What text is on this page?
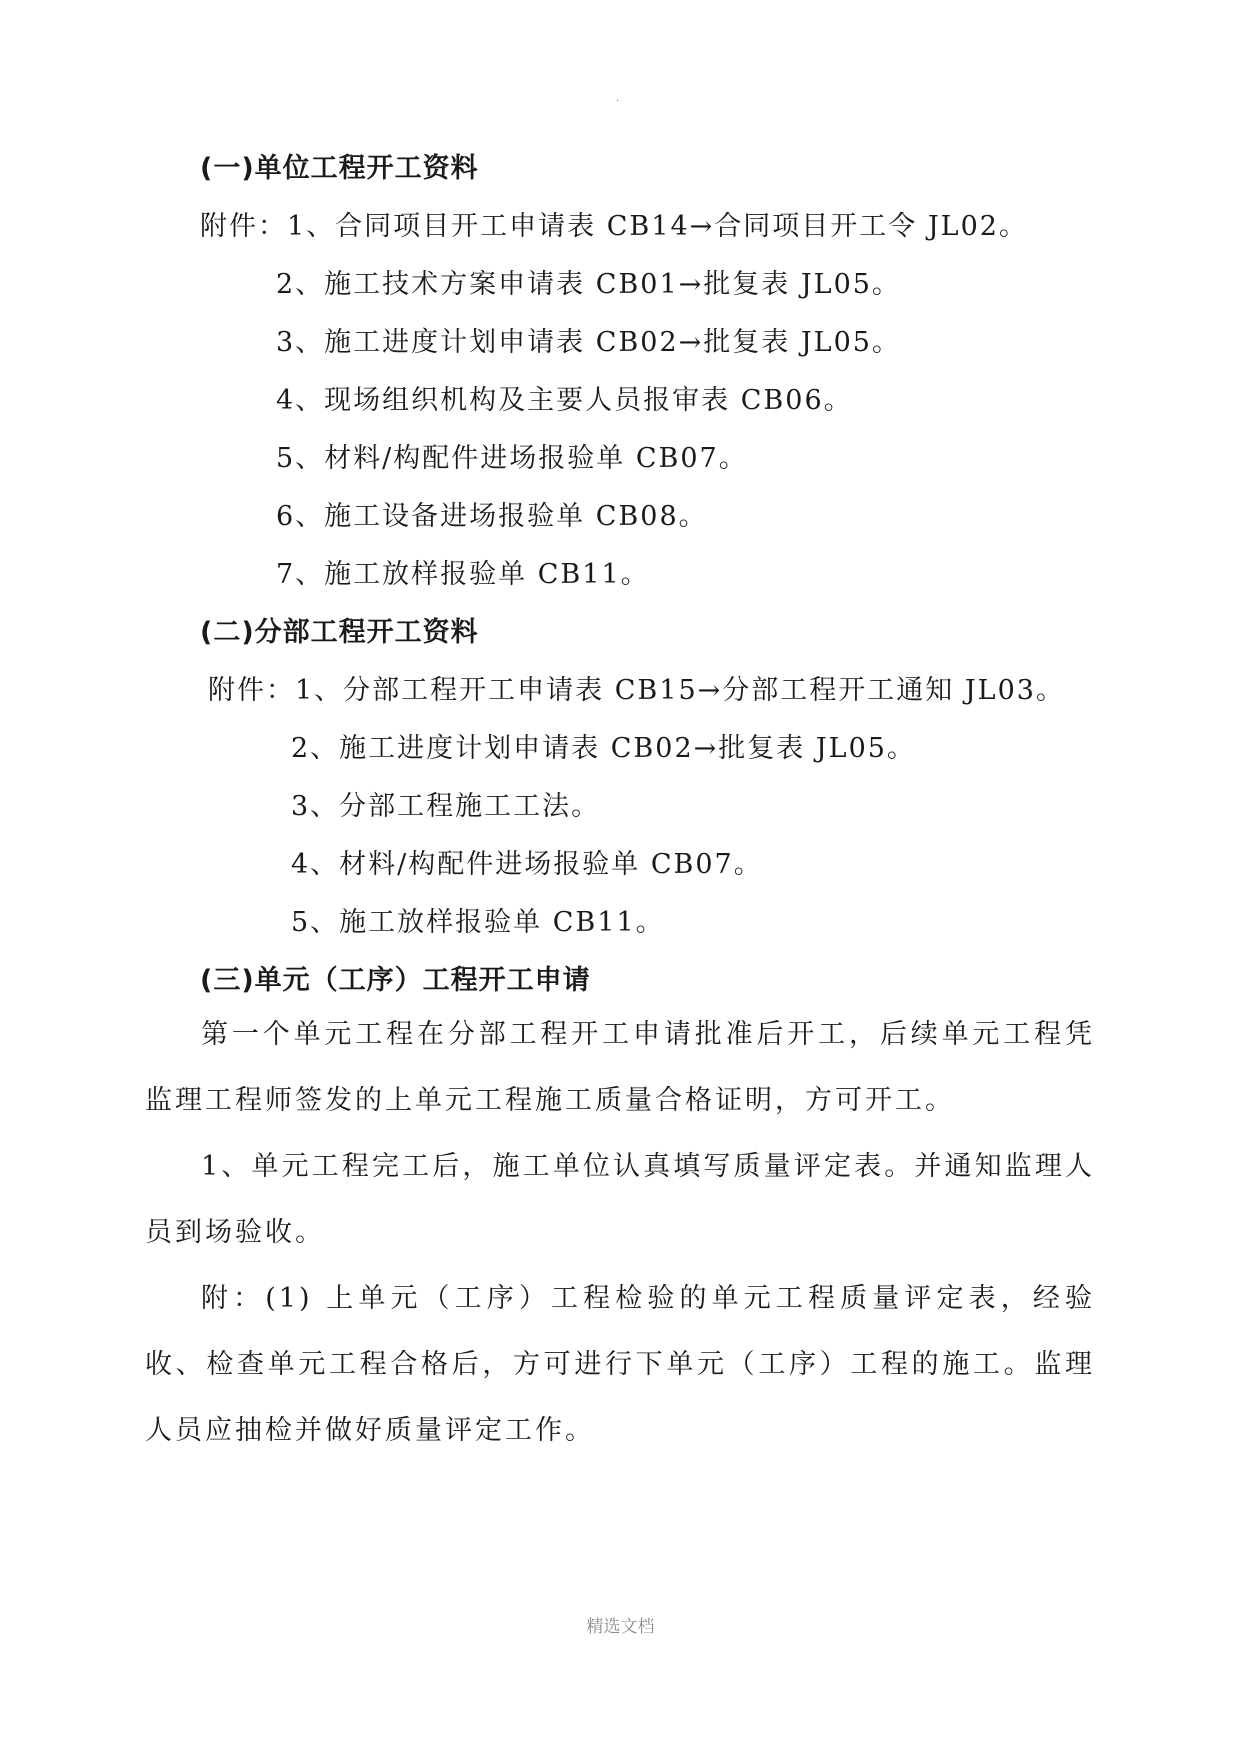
·
(一)单位工程开工资料
附件：1、合同项目开工申请表 CB14→合同项目开工令 JL02。
2、施工技术方案申请表 CB01→批复表 JL05。
3、施工进度计划申请表 CB02→批复表 JL05。
4、现场组织机构及主要人员报审表 CB06。
5、材料/构配件进场报验单 CB07。
6、施工设备进场报验单 CB08。
7、施工放样报验单 CB11。
(二)分部工程开工资料
附件：1、分部工程开工申请表 CB15→分部工程开工通知 JL03。
2、施工进度计划申请表 CB02→批复表 JL05。
3、分部工程施工工法。
4、材料/构配件进场报验单 CB07。
5、施工放样报验单 CB11。
(三)单元（工序）工程开工申请
第一个单元工程在分部工程开工申请批准后开工，后续单元工程凭监理工程师签发的上单元工程施工质量合格证明，方可开工。
1、单元工程完工后，施工单位认真填写质量评定表。并通知监理人员到场验收。
附：(1) 上单元（工序）工程检验的单元工程质量评定表，经验收、检查单元工程合格后，方可进行下单元（工序）工程的施工。监理人员应抽检并做好质量评定工作。
精选文档
